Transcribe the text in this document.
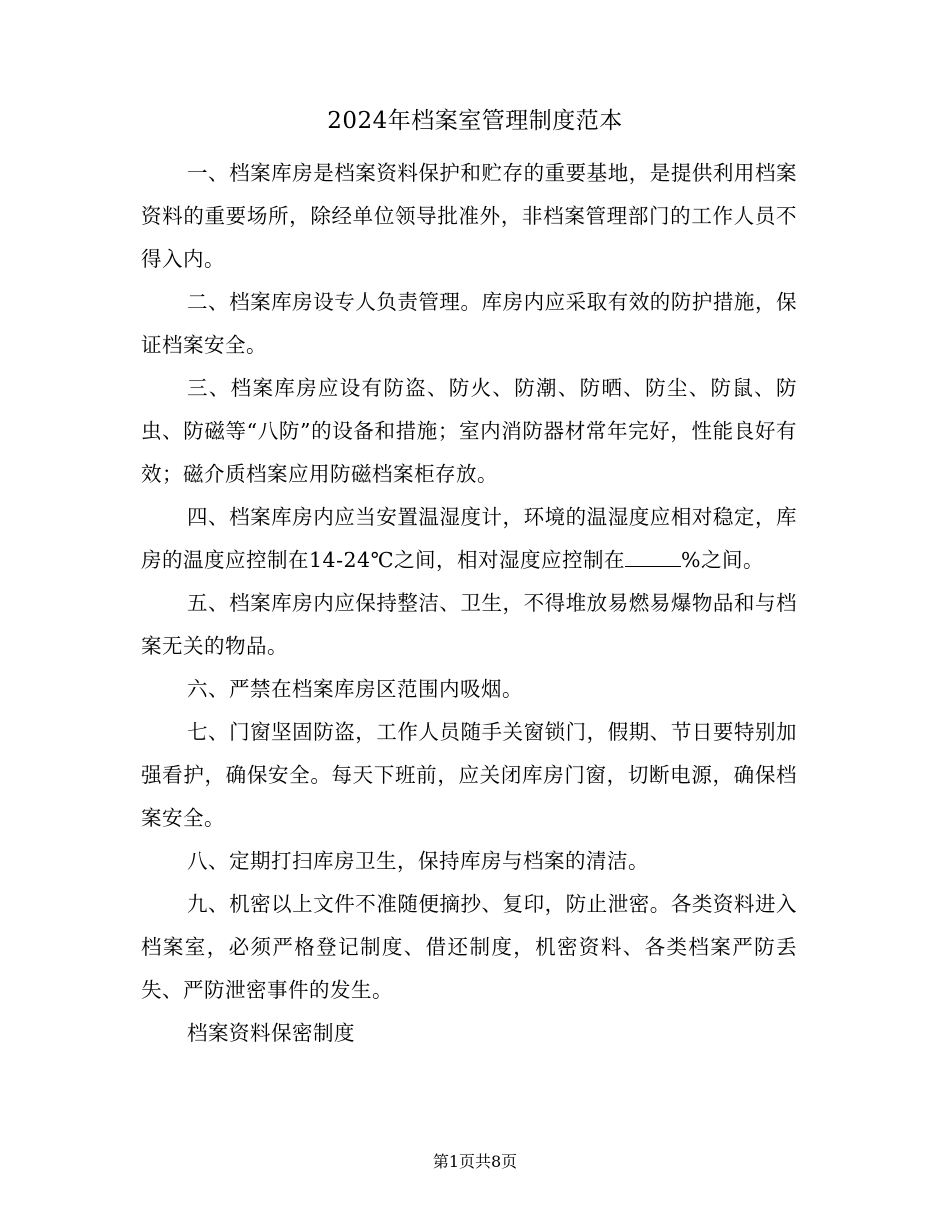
2024年档案室管理制度范本

一、档案库房是档案资料保护和贮存的重要基地，是提供利用档案资料的重要场所，除经单位领导批准外，非档案管理部门的工作人员不得入内。

二、档案库房设专人负责管理。库房内应采取有效的防护措施，保证档案安全。

三、档案库房应设有防盗、防火、防潮、防晒、防尘、防鼠、防虫、防磁等“八防”的设备和措施；室内消防器材常年完好，性能良好有效；磁介质档案应用防磁档案柜存放。

四、档案库房内应当安置温湿度计，环境的温湿度应相对稳定，库房的温度应控制在14-24℃之间，相对湿度应控制在	%之间。

五、档案库房内应保持整洁、卫生，不得堆放易燃易爆物品和与档案无关的物品。

六、严禁在档案库房区范围内吸烟。

七、门窗坚固防盗，工作人员随手关窗锁门，假期、节日要特别加强看护，确保安全。每天下班前，应关闭库房门窗，切断电源，确保档案安全。

八、定期打扫库房卫生，保持库房与档案的清洁。

九、机密以上文件不准随便摘抄、复印，防止泄密。各类资料进入档案室，必须严格登记制度、借还制度，机密资料、各类档案严防丢失、严防泄密事件的发生。

档案资料保密制度

第1页共8页
